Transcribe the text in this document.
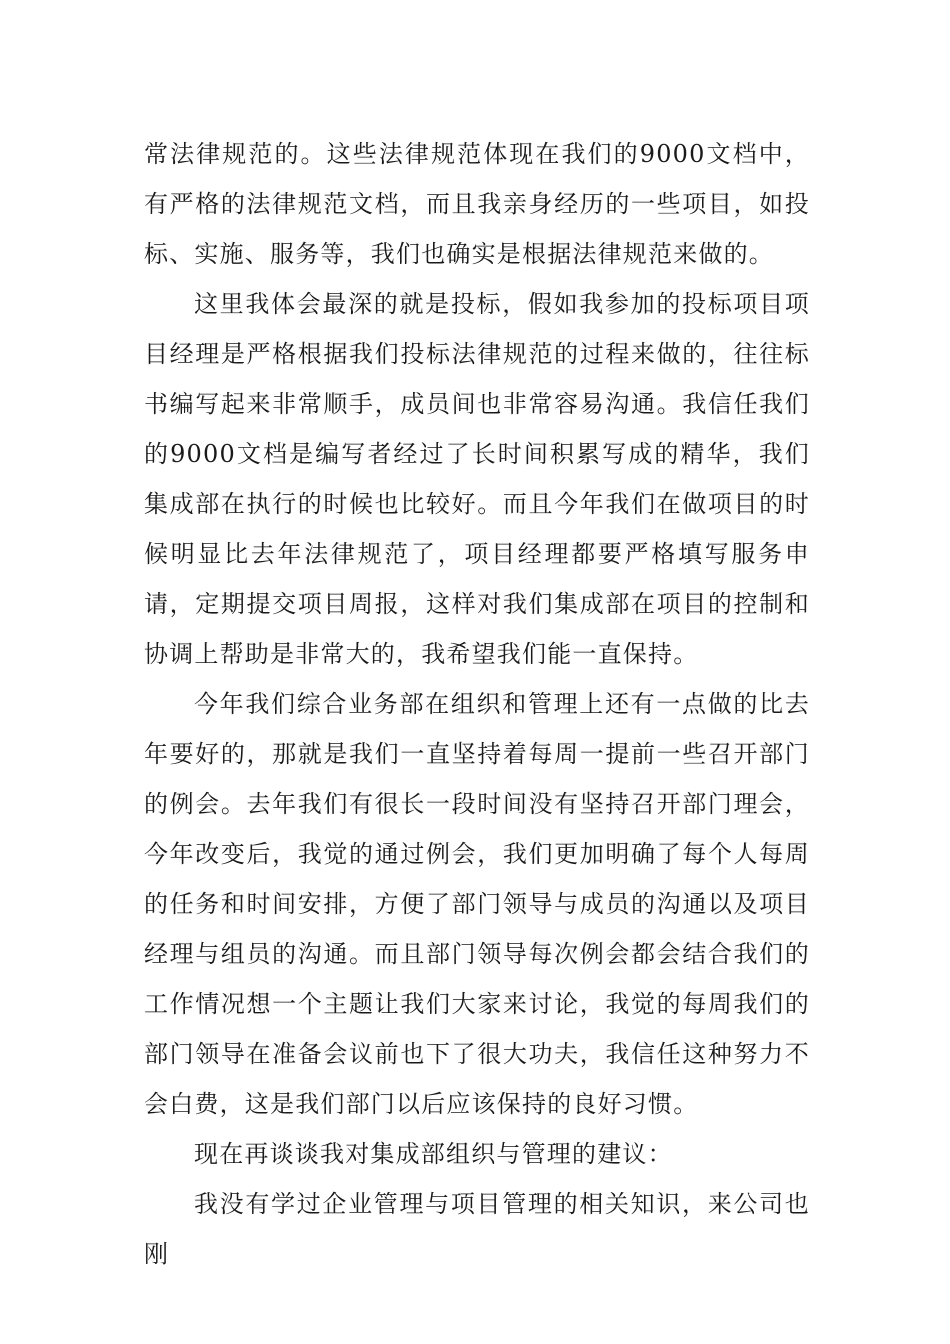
常法律规范的。这些法律规范体现在我们的9000文档中，有严格的法律规范文档，而且我亲身经历的一些项目，如投标、实施、服务等，我们也确实是根据法律规范来做的。

这里我体会最深的就是投标，假如我参加的投标项目项目经理是严格根据我们投标法律规范的过程来做的，往往标书编写起来非常顺手，成员间也非常容易沟通。我信任我们的9000文档是编写者经过了长时间积累写成的精华，我们集成部在执行的时候也比较好。而且今年我们在做项目的时候明显比去年法律规范了，项目经理都要严格填写服务申请，定期提交项目周报，这样对我们集成部在项目的控制和协调上帮助是非常大的，我希望我们能一直保持。

今年我们综合业务部在组织和管理上还有一点做的比去年要好的，那就是我们一直坚持着每周一提前一些召开部门的例会。去年我们有很长一段时间没有坚持召开部门理会，今年改变后，我觉的通过例会，我们更加明确了每个人每周的任务和时间安排，方便了部门领导与成员的沟通以及项目经理与组员的沟通。而且部门领导每次例会都会结合我们的工作情况想一个主题让我们大家来讨论，我觉的每周我们的部门领导在准备会议前也下了很大功夫，我信任这种努力不会白费，这是我们部门以后应该保持的良好习惯。

现在再谈谈我对集成部组织与管理的建议：

我没有学过企业管理与项目管理的相关知识，来公司也刚
